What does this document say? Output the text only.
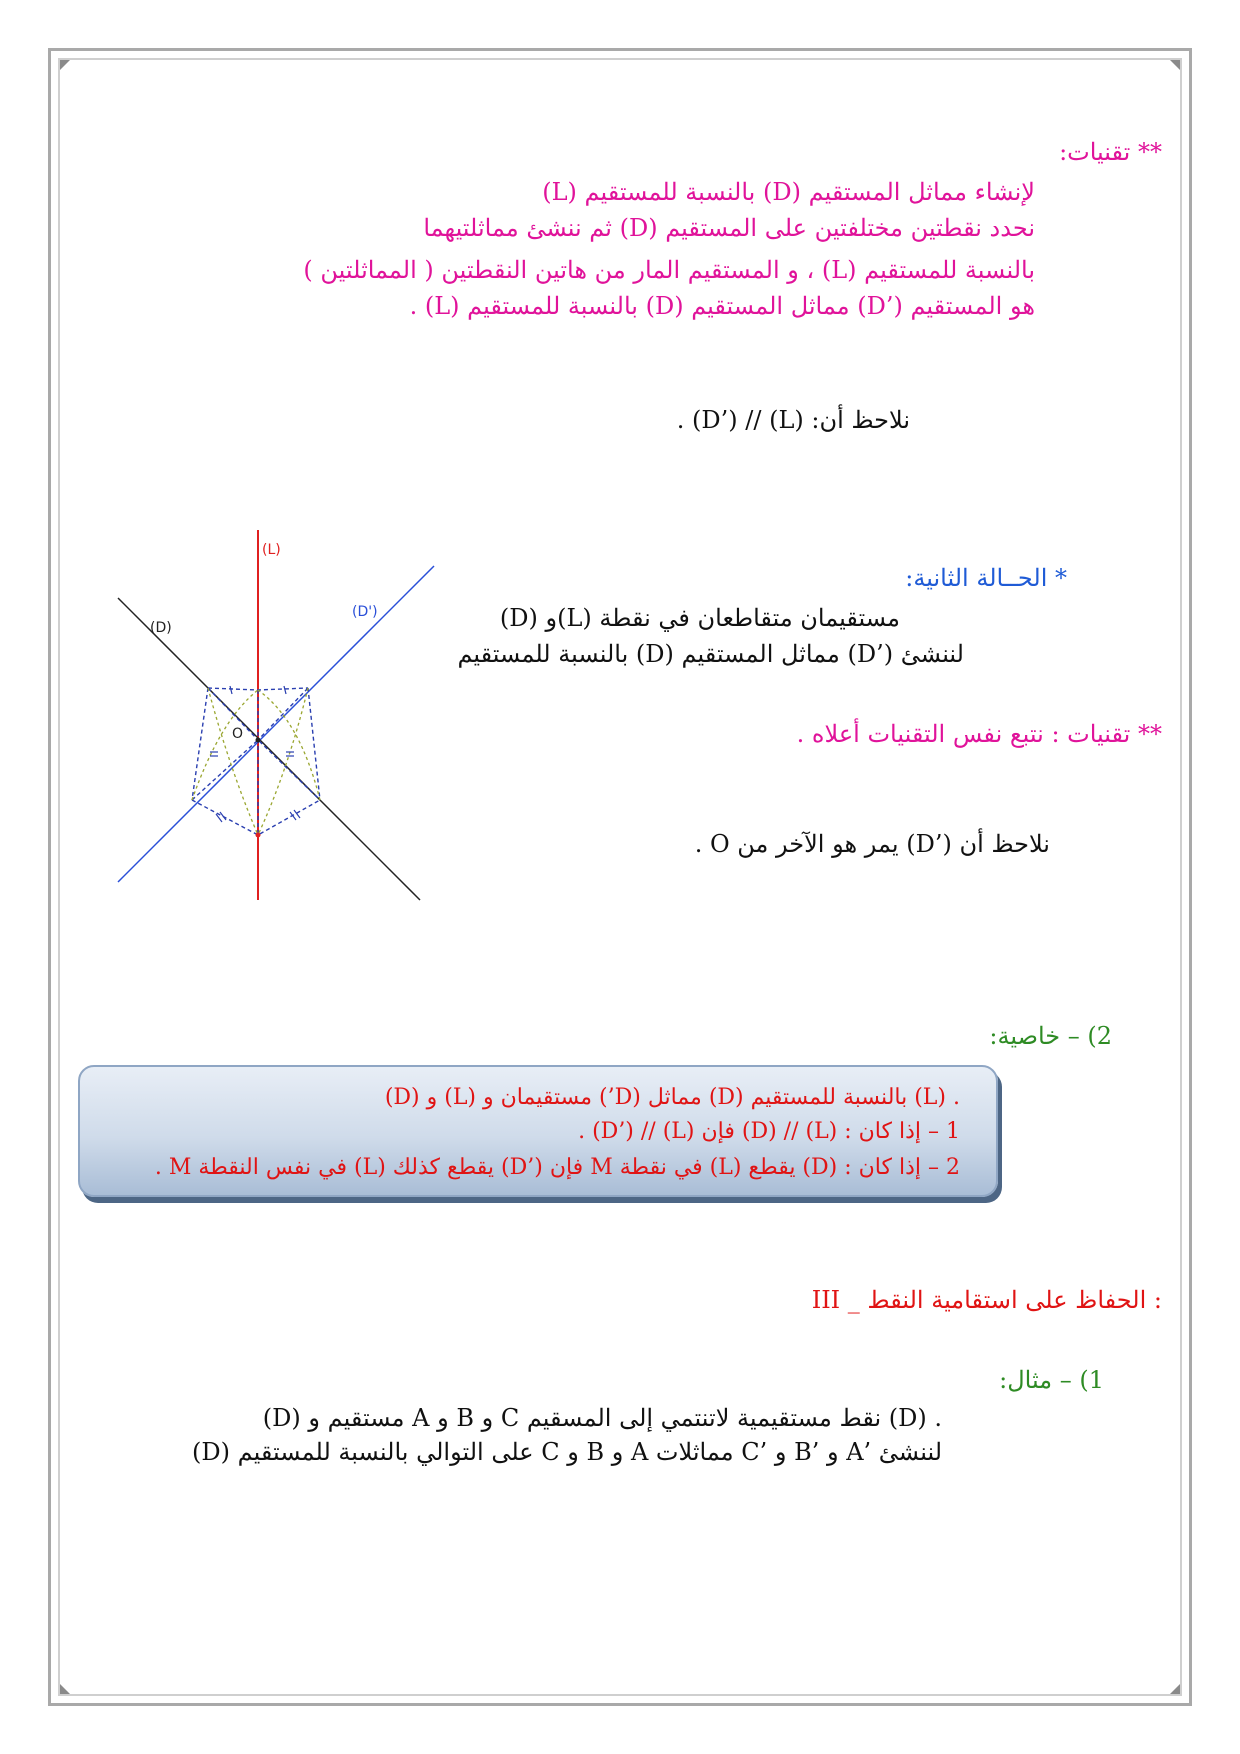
** تقنيات:
لإنشاء مماثل المستقيم (D) بالنسبة للمستقيم (L)
نحدد نقطتين مختلفتين على المستقيم (D) ثم ننشئ مماثلتيهما
بالنسبة للمستقيم (L) ، و المستقيم المار من هاتين النقطتين ( المماثلتين )
هو المستقيم (’D) مماثل المستقيم (D) بالنسبة للمستقيم (L) .
نلاحظ أن: (L) // (’D) .
(L)
(D)
(D')
O
* الحــالة الثانية:
(D) و(L) مستقيمان متقاطعان في نقطة
لننشئ (’D) مماثل المستقيم (D) بالنسبة للمستقيم
** تقنيات : نتبع نفس التقنيات أعلاه .
نلاحظ أن (’D) يمر هو الآخر من O .
2) – خاصية:
(D) و (L) مستقيمان و (’D) مماثل (D) بالنسبة للمستقيم (L) .
1 – إذا كان : (L) // (D) فإن (L) // (’D) .
2 – إذا كان : (D) يقطع (L) في نقطة M فإن (’D) يقطع كذلك (L) في نفس النقطة M .
III _ الحفاظ على استقامية النقط :
1) – مثال:
(D) مستقيم و A و B و C نقط مستقيمية لاتنتمي إلى المسقيم (D) .
لننشئ ’A و ’B و ’C مماثلات A و B و C على التوالي بالنسبة للمستقيم (D)
